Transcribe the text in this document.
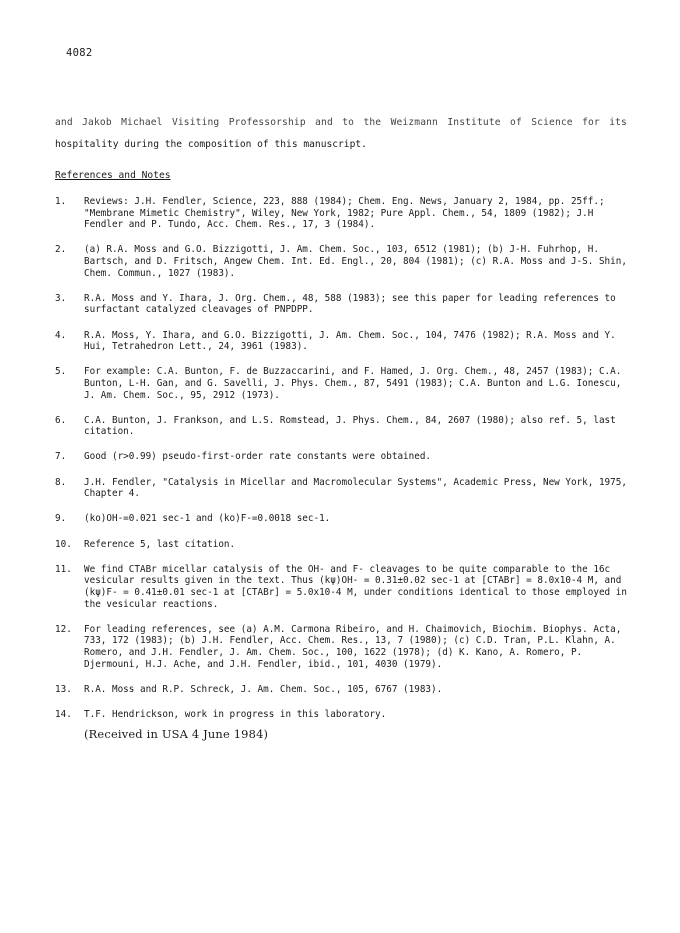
4082
and Jakob Michael Visiting Professorship and to the Weizmann Institute of Science for its
hospitality during the composition of this manuscript.
References and Notes
1. Reviews: J.H. Fendler, Science, 223, 888 (1984); Chem. Eng. News, January 2, 1984, pp. 25ff.; "Membrane Mimetic Chemistry", Wiley, New York, 1982; Pure Appl. Chem., 54, 1809 (1982); J.H Fendler and P. Tundo, Acc. Chem. Res., 17, 3 (1984).
2. (a) R.A. Moss and G.O. Bizzigotti, J. Am. Chem. Soc., 103, 6512 (1981); (b) J-H. Fuhrhop, H. Bartsch, and D. Fritsch, Angew Chem. Int. Ed. Engl., 20, 804 (1981); (c) R.A. Moss and J-S. Shin, Chem. Commun., 1027 (1983).
3. R.A. Moss and Y. Ihara, J. Org. Chem., 48, 588 (1983); see this paper for leading references to surfactant catalyzed cleavages of PNPDPP.
4. R.A. Moss, Y. Ihara, and G.O. Bizzigotti, J. Am. Chem. Soc., 104, 7476 (1982); R.A. Moss and Y. Hui, Tetrahedron Lett., 24, 3961 (1983).
5. For example: C.A. Bunton, F. de Buzzaccarini, and F. Hamed, J. Org. Chem., 48, 2457 (1983); C.A. Bunton, L-H. Gan, and G. Savelli, J. Phys. Chem., 87, 5491 (1983); C.A. Bunton and L.G. Ionescu, J. Am. Chem. Soc., 95, 2912 (1973).
6. C.A. Bunton, J. Frankson, and L.S. Romstead, J. Phys. Chem., 84, 2607 (1980); also ref. 5, last citation.
7. Good (r>0.99) pseudo-first-order rate constants were obtained.
8. J.H. Fendler, "Catalysis in Micellar and Macromolecular Systems", Academic Press, New York, 1975, Chapter 4.
9. (ko)OH-=0.021 sec-1 and (ko)F-=0.0018 sec-1.
10. Reference 5, last citation.
11. We find CTABr micellar catalysis of the OH- and F- cleavages to be quite comparable to the 16c vesicular results given in the text. Thus (kψ)OH- = 0.31±0.02 sec-1 at [CTABr] = 8.0x10-4 M, and (kψ)F- = 0.41±0.01 sec-1 at [CTABr] = 5.0x10-4 M, under conditions identical to those employed in the vesicular reactions.
12. For leading references, see (a) A.M. Carmona Ribeiro, and H. Chaimovich, Biochim. Biophys. Acta, 733, 172 (1983); (b) J.H. Fendler, Acc. Chem. Res., 13, 7 (1980); (c) C.D. Tran, P.L. Klahn, A. Romero, and J.H. Fendler, J. Am. Chem. Soc., 100, 1622 (1978); (d) K. Kano, A. Romero, P. Djermouni, H.J. Ache, and J.H. Fendler, ibid., 101, 4030 (1979).
13. R.A. Moss and R.P. Schreck, J. Am. Chem. Soc., 105, 6767 (1983).
14. T.F. Hendrickson, work in progress in this laboratory.
(Received in USA 4 June 1984)
